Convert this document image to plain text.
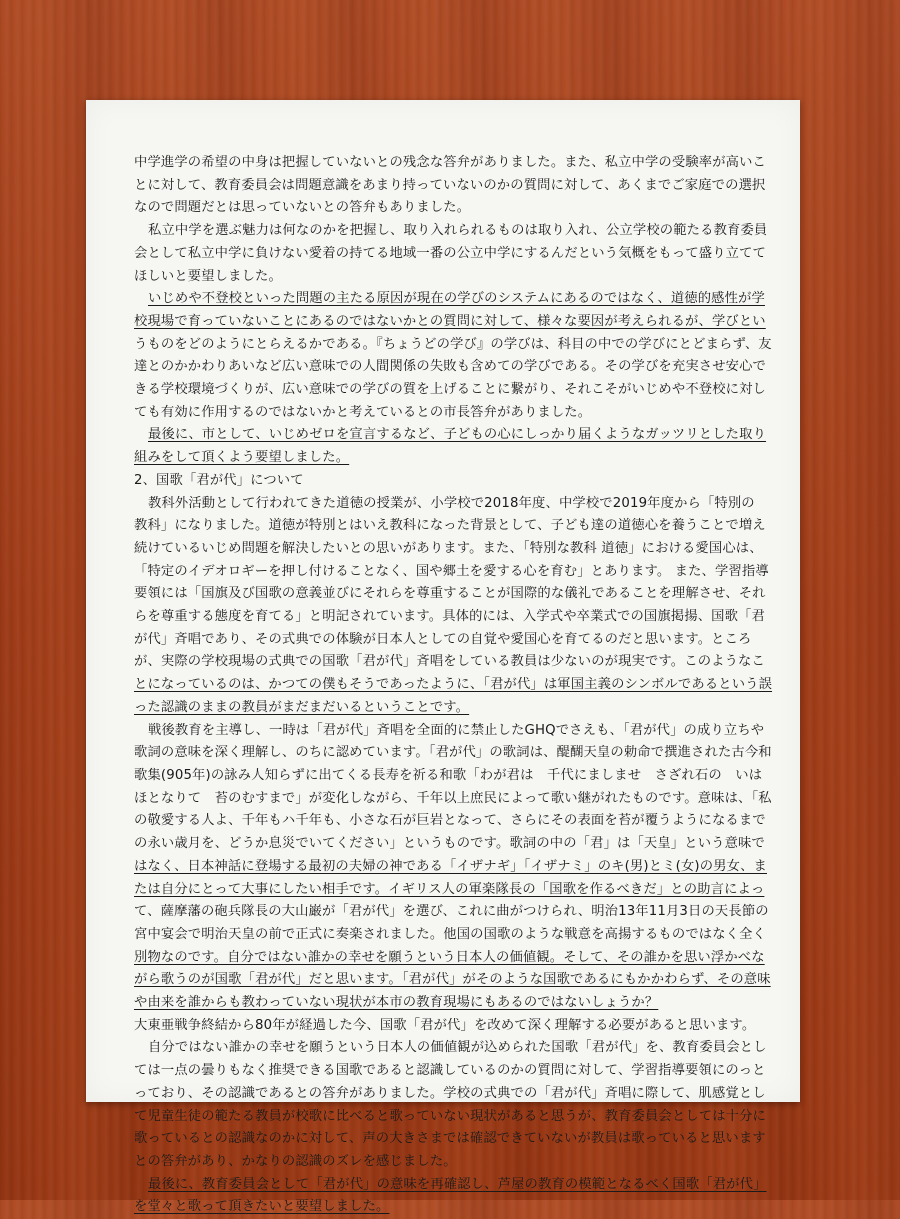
中学進学の希望の中身は把握していないとの残念な答弁がありました。また、私立中学の受験率が高いこ

とに対して、教育委員会は問題意識をあまり持っていないのかの質問に対して、あくまでご家庭での選択

なので問題だとは思っていないとの答弁もありました。

私立中学を選ぶ魅力は何なのかを把握し、取り入れられるものは取り入れ、公立学校の範たる教育委員

会として私立中学に負けない愛着の持てる地域一番の公立中学にするんだという気概をもって盛り立てて

ほしいと要望しました。

いじめや不登校といった問題の主たる原因が現在の学びのシステムにあるのではなく、道徳的感性が学

校現場で育っていないことにあるのではないかとの質問に対して、様々な要因が考えられるが、学びとい

うものをどのようにとらえるかである。『ちょうどの学び』の学びは、科目の中での学びにとどまらず、友

達とのかかわりあいなど広い意味での人間関係の失敗も含めての学びである。その学びを充実させ安心で

きる学校環境づくりが、広い意味での学びの質を上げることに繋がり、それこそがいじめや不登校に対し

ても有効に作用するのではないかと考えているとの市長答弁がありました。

最後に、市として、いじめゼロを宣言するなど、子どもの心にしっかり届くようなガッツリとした取り

組みをして頂くよう要望しました。

2、国歌「君が代」について

教科外活動として行われてきた道徳の授業が、小学校で2018年度、中学校で2019年度から「特別の

教科」になりました。道徳が特別とはいえ教科になった背景として、子ども達の道徳心を養うことで増え

続けているいじめ問題を解決したいとの思いがあります。また、「特別な教科 道徳」における愛国心は、

「特定のイデオロギーを押し付けることなく、国や郷土を愛する心を育む」とあります。 また、学習指導

要領には「国旗及び国歌の意義並びにそれらを尊重することが国際的な儀礼であることを理解させ、それ

らを尊重する態度を育てる」と明記されています。具体的には、入学式や卒業式での国旗掲揚、国歌「君

が代」斉唱であり、その式典での体験が日本人としての自覚や愛国心を育てるのだと思います。ところ

が、実際の学校現場の式典での国歌「君が代」斉唱をしている教員は少ないのが現実です。このようなこ

とになっているのは、かつての僕もそうであったように、「君が代」は軍国主義のシンボルであるという誤

った認識のままの教員がまだまだいるということです。

戦後教育を主導し、一時は「君が代」斉唱を全面的に禁止したGHQでさえも、「君が代」の成り立ちや

歌詞の意味を深く理解し、のちに認めています。「君が代」の歌詞は、醍醐天皇の勅命で撰進された古今和

歌集(905年)の詠み人知らずに出てくる長寿を祈る和歌「わが君は　千代にましませ　さざれ石の　いは

ほとなりて　苔のむすまで」が変化しながら、千年以上庶民によって歌い継がれたものです。意味は、「私

の敬愛する人よ、千年もハ千年も、小さな石が巨岩となって、さらにその表面を苔が覆うようになるまで

の永い歳月を、どうか息災でいてください」というものです。歌詞の中の「君」は「天皇」という意味で

はなく、日本神話に登場する最初の夫婦の神である「イザナギ」「イザナミ」のキ(男)とミ(女)の男女、ま

たは自分にとって大事にしたい相手です。イギリス人の軍楽隊長の「国歌を作るべきだ」との助言によっ

て、薩摩藩の砲兵隊長の大山巌が「君が代」を選び、これに曲がつけられ、明治13年11月3日の天長節の

宮中宴会で明治天皇の前で正式に奏楽されました。他国の国歌のような戦意を高揚するものではなく全く

別物なのです。自分ではない誰かの幸せを願うという日本人の価値観。そして、その誰かを思い浮かべな

がら歌うのが国歌「君が代」だと思います。「君が代」がそのような国歌であるにもかかわらず、その意味

や由来を誰からも教わっていない現状が本市の教育現場にもあるのではないしょうか？

大東亜戦争終結から80年が経過した今、国歌「君が代」を改めて深く理解する必要があると思います。

自分ではない誰かの幸せを願うという日本人の価値観が込められた国歌「君が代」を、教育委員会とし

ては一点の曇りもなく推奨できる国歌であると認識しているのかの質問に対して、学習指導要領にのっと

っており、その認識であるとの答弁がありました。学校の式典での「君が代」斉唱に際して、肌感覚とし

て児童生徒の範たる教員が校歌に比べると歌っていない現状があると思うが、教育委員会としては十分に

歌っているとの認識なのかに対して、声の大きさまでは確認できていないが教員は歌っていると思います

との答弁があり、かなりの認識のズレを感じました。

最後に、教育委員会として「君が代」の意味を再確認し、芦屋の教育の模範となるべく国歌「君が代」

を堂々と歌って頂きたいと要望しました。
